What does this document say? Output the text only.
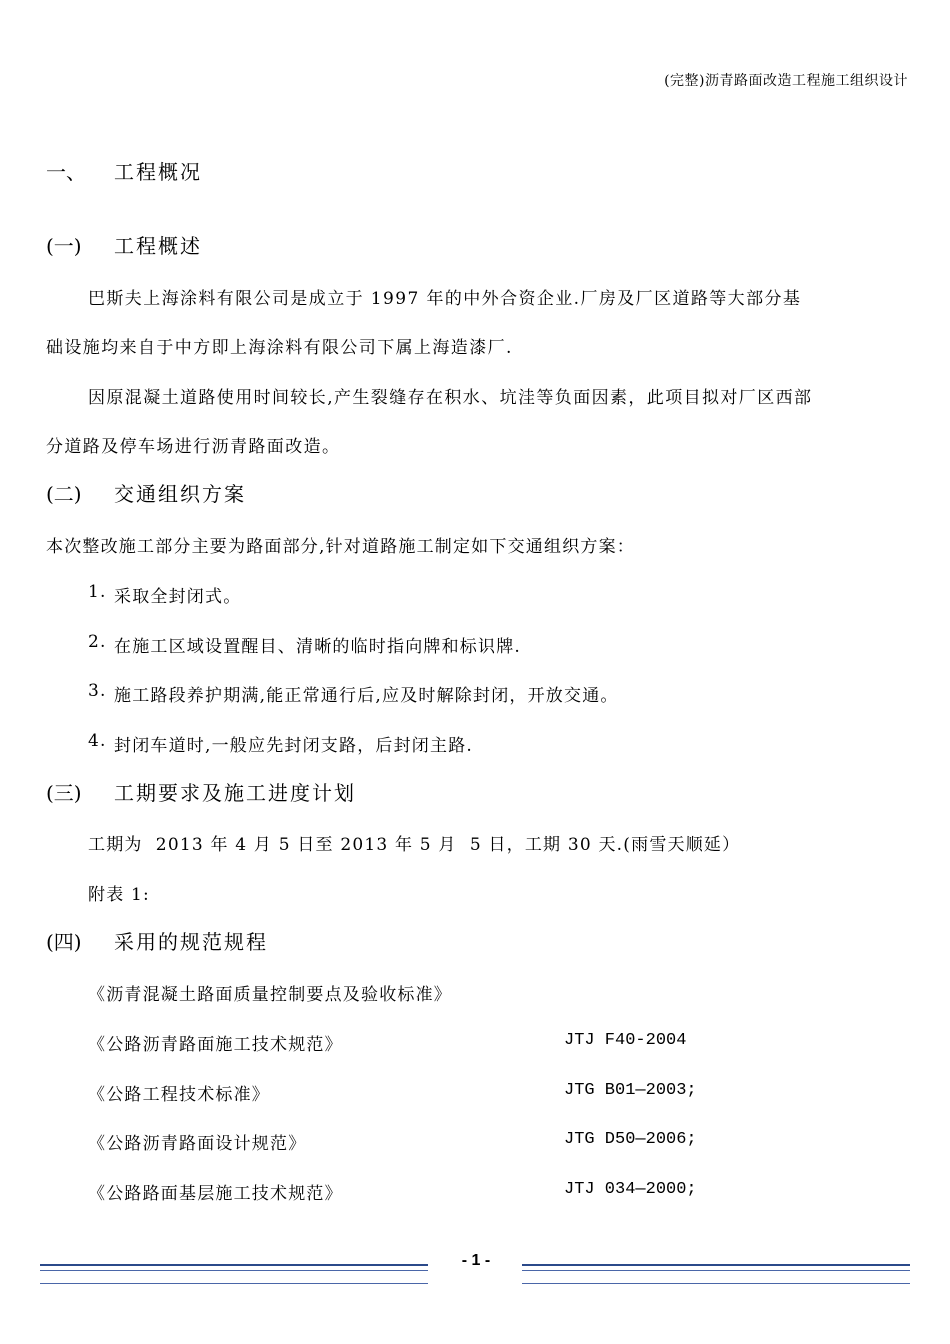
(完整)沥青路面改造工程施工组织设计
一、 工程概况
(一) 工程概述
巴斯夫上海涂料有限公司是成立于 1997 年的中外合资企业.厂房及厂区道路等大部分基
础设施均来自于中方即上海涂料有限公司下属上海造漆厂.
因原混凝土道路使用时间较长,产生裂缝存在积水、坑洼等负面因素，此项目拟对厂区西部
分道路及停车场进行沥青路面改造。
(二) 交通组织方案
本次整改施工部分主要为路面部分,针对道路施工制定如下交通组织方案：
1. 采取全封闭式。
2. 在施工区域设置醒目、清晰的临时指向牌和标识牌.
3. 施工路段养护期满,能正常通行后,应及时解除封闭，开放交通。
4. 封闭车道时,一般应先封闭支路，后封闭主路.
(三) 工期要求及施工进度计划
工期为  2013 年 4 月 5 日至 2013 年 5 月  5 日，工期 30 天.(雨雪天顺延）
附表 1:
(四) 采用的规范规程
《沥青混凝土路面质量控制要点及验收标准》
《公路沥青路面施工技术规范》	JTJ F40-2004
《公路工程技术标准》	JTG B01—2003;
《公路沥青路面设计规范》	JTG D50—2006;
《公路路面基层施工技术规范》	JTJ 034—2000;
- 1 -
